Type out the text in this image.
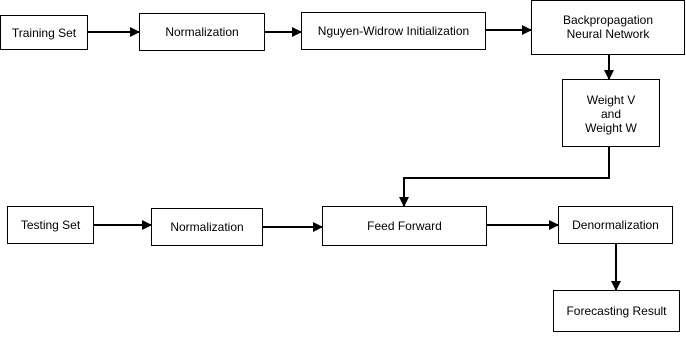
Training Set	Normalization	Nguyen-Widrow Initialization
Backpropagation
Neural Network
Weight V
and
Weight W
Testing Set	Normalization	Feed Forward	Denormalization
Forecasting Result
